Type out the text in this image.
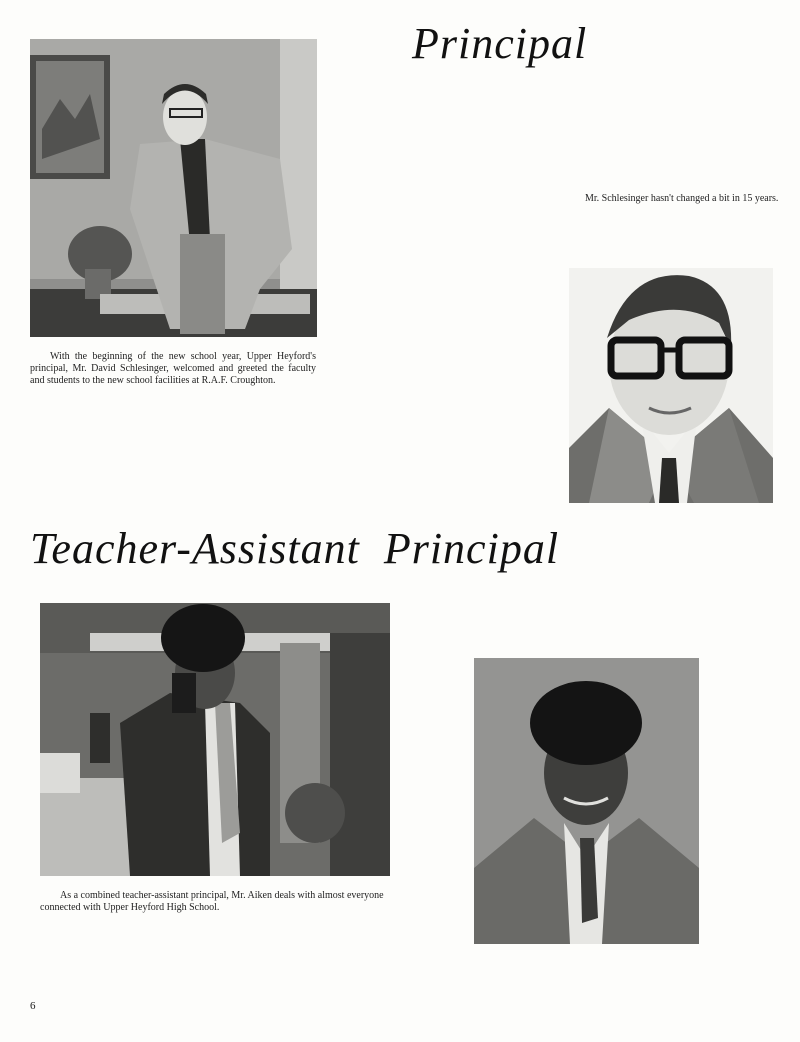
Principal
With the beginning of the new school year, Upper Heyford's principal, Mr. David Schlesinger, welcomed and greeted the faculty and students to the new school facilities at R.A.F. Croughton.
Mr. Schlesinger hasn't changed a bit in 15 years.
Teacher-Assistant  Principal
As a combined teacher-assistant principal, Mr. Aiken deals with almost everyone connected with Upper Heyford High School.
6
